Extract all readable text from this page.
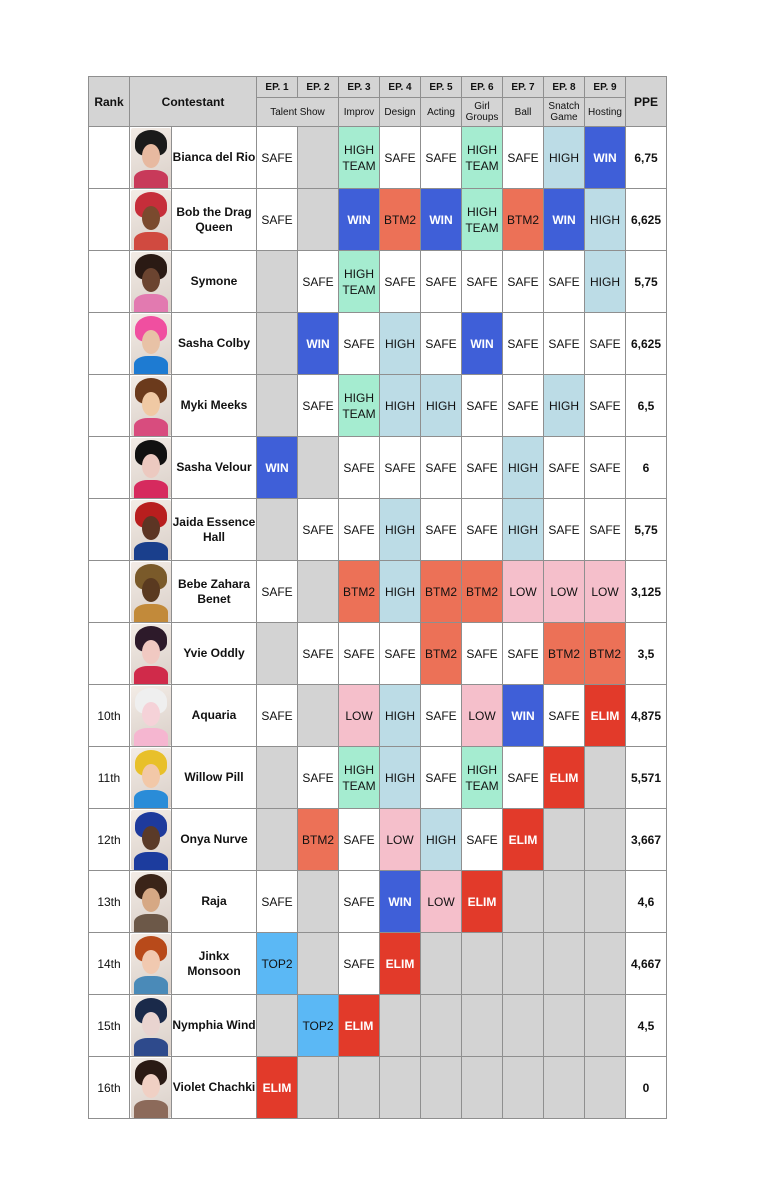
Rank	Contestant		EP. 1	EP. 2	EP. 3	EP. 4	EP. 5	EP. 6	EP. 7	EP. 8	EP. 9	PPE
			Talent Show		Improv	Design	Acting	Girl Groups	Ball	Snatch Game	Hosting	

	Bianca del Rio	SAFE		HIGH TEAM	SAFE	SAFE	HIGH TEAM	SAFE	HIGH	WIN	6,75

	Bob the Drag Queen	SAFE		WIN	BTM2	WIN	HIGH TEAM	BTM2	WIN	HIGH	6,625

	Symone		SAFE	HIGH TEAM	SAFE	SAFE	SAFE	SAFE	SAFE	HIGH	5,75

	Sasha Colby		WIN	SAFE	HIGH	SAFE	WIN	SAFE	SAFE	SAFE	6,625

	Myki Meeks		SAFE	HIGH TEAM	HIGH	HIGH	SAFE	SAFE	HIGH	SAFE	6,5

	Sasha Velour	WIN		SAFE	SAFE	SAFE	SAFE	HIGH	SAFE	SAFE	6

	Jaida Essence Hall		SAFE	SAFE	HIGH	SAFE	SAFE	HIGH	SAFE	SAFE	5,75

	Bebe Zahara Benet	SAFE		BTM2	HIGH	BTM2	BTM2	LOW	LOW	LOW	3,125

	Yvie Oddly		SAFE	SAFE	SAFE	BTM2	SAFE	SAFE	BTM2	BTM2	3,5
10th		Aquaria	SAFE		LOW	HIGH	SAFE	LOW	WIN	SAFE	ELIM	4,875
11th		Willow Pill		SAFE	HIGH TEAM	HIGH	SAFE	HIGH TEAM	SAFE	ELIM		5,571
12th		Onya Nurve		BTM2	SAFE	LOW	HIGH	SAFE	ELIM			3,667
13th		Raja	SAFE		SAFE	WIN	LOW	ELIM				4,6
14th		Jinkx Monsoon	TOP2		SAFE	ELIM						4,667
15th		Nymphia Wind		TOP2	ELIM							4,5
16th		Violet Chachki	ELIM									0
